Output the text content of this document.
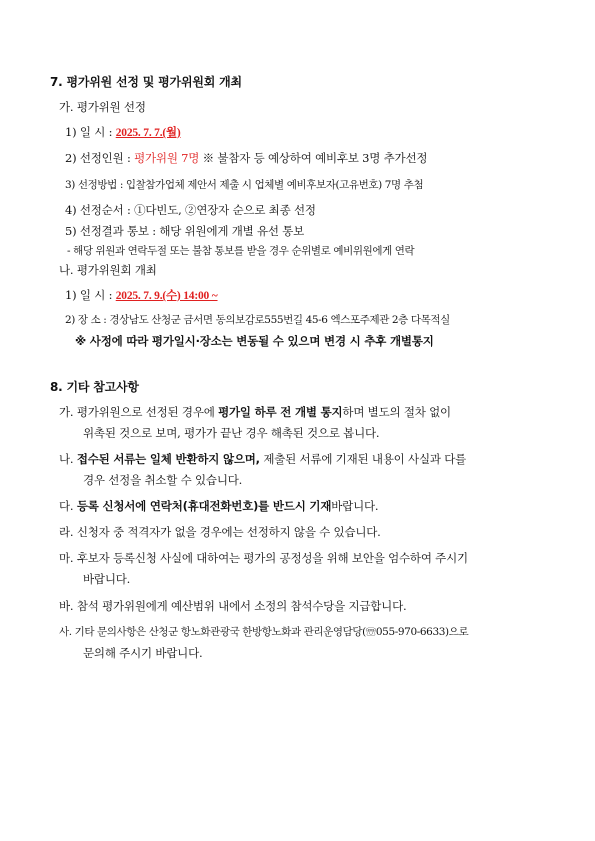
7. 평가위원 선정 및 평가위원회 개최
가. 평가위원 선정
1) 일 시 : 2025. 7. 7.(월)
2) 선정인원 : 평가위원 7명 ※ 불참자 등 예상하여 예비후보 3명 추가선정
3) 선정방법 : 입찰참가업체 제안서 제출 시 업체별 예비후보자(고유번호) 7명 추첨
4) 선정순서 : ①다빈도, ②연장자 순으로 최종 선정
5) 선정결과 통보 : 해당 위원에게 개별 유선 통보
- 해당 위원과 연락두절 또는 불참 통보를 받을 경우 순위별로 예비위원에게 연락
나. 평가위원회 개최
1) 일 시 : 2025. 7. 9.(수) 14:00 ~
2) 장 소 : 경상남도 산청군 금서면 동의보감로555번길 45-6 엑스포주제관 2층 다목적실
※ 사정에 따라 평가일시·장소는 변동될 수 있으며 변경 시 추후 개별통지
8. 기타 참고사항
가. 평가위원으로 선정된 경우에 평가일 하루 전 개별 통지하며 별도의 절차 없이
위촉된 것으로 보며, 평가가 끝난 경우 해촉된 것으로 봅니다.
나. 접수된 서류는 일체 반환하지 않으며, 제출된 서류에 기재된 내용이 사실과 다를
경우 선정을 취소할 수 있습니다.
다. 등록 신청서에 연락처(휴대전화번호)를 반드시 기재바랍니다.
라. 신청자 중 적격자가 없을 경우에는 선정하지 않을 수 있습니다.
마. 후보자 등록신청 사실에 대하여는 평가의 공정성을 위해 보안을 엄수하여 주시기
바랍니다.
바. 참석 평가위원에게 예산범위 내에서 소정의 참석수당을 지급합니다.
사. 기타 문의사항은 산청군 항노화관광국 한방항노화과 관리운영담당(☏055-970-6633)으로
문의해 주시기 바랍니다.
